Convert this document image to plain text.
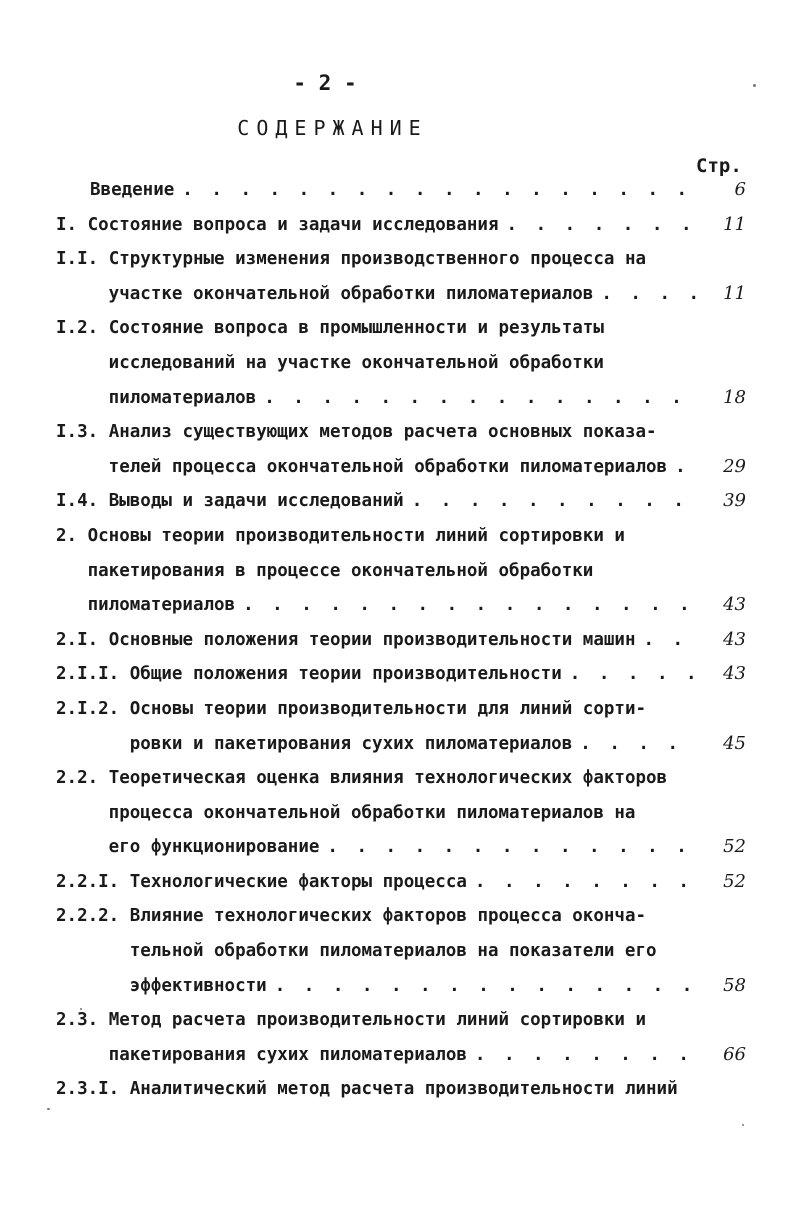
- 2 -
СОДЕРЖАНИЕ
Стр.
Введение . . .	6
I. Состояние вопроса и задачи исследования . . .	11
I.I. Структурные изменения производственного процесса на
участке окончательной обработки пиломатериалов . . .	11
I.2. Состояние вопроса в промышленности и результаты
исследований на участке окончательной обработки
пиломатериалов . . .	18
I.3. Анализ существующих методов расчета основных показа-
телей процесса окончательной обработки пиломатериалов . . .	29
I.4. Выводы и задачи исследований . . .	39
2. Основы теории производительности линий сортировки и
пакетирования в процессе окончательной обработки
пиломатериалов . . .	43
2.I. Основные положения теории производительности машин . . .	43
2.I.I. Общие положения теории производительности . . .	43
2.I.2. Основы теории производительности для линий сорти-
ровки и пакетирования сухих пиломатериалов . . .	45
2.2. Теоретическая оценка влияния технологических факторов
процесса окончательной обработки пиломатериалов на
его функционирование . . .	52
2.2.I. Технологические факторы процесса . . .	52
2.2.2. Влияние технологических факторов процесса оконча-
тельной обработки пиломатериалов на показатели его
эффективности . . .	58
2.3. Метод расчета производительности линий сортировки и
пакетирования сухих пиломатериалов . . .	66
2.3.I. Аналитический метод расчета производительности линий
